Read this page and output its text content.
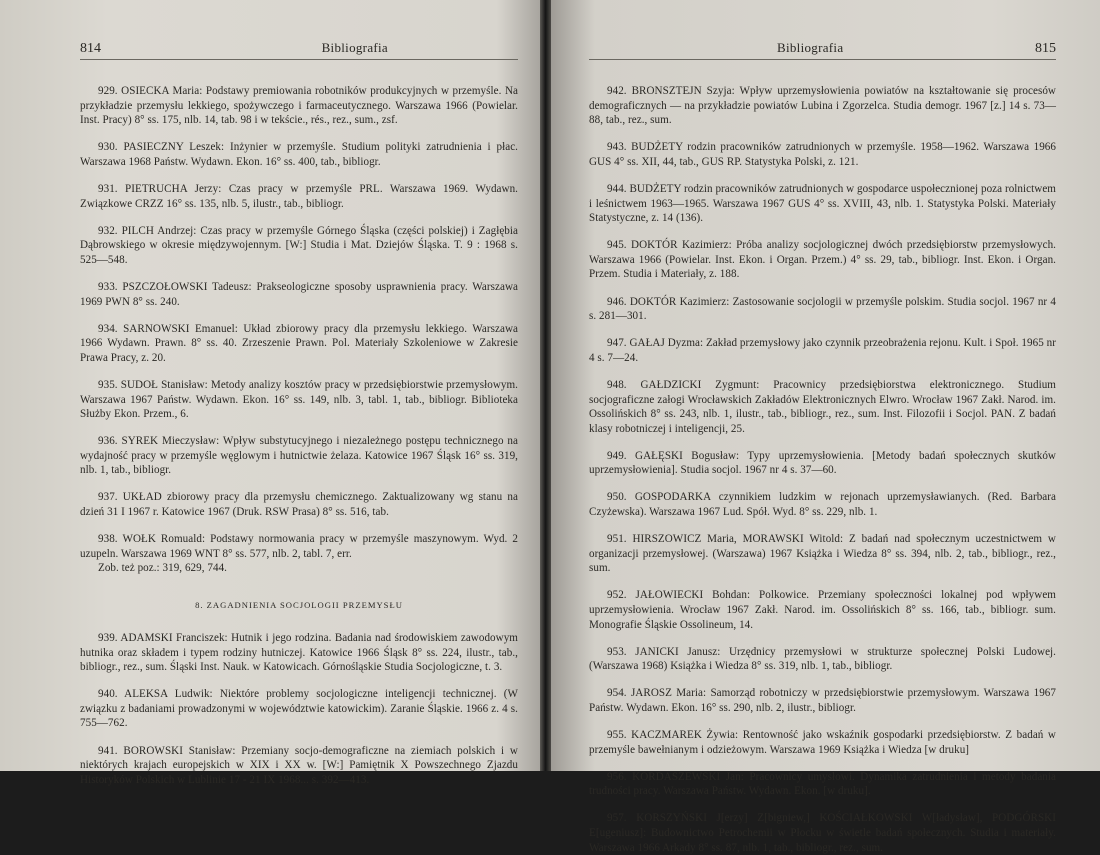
814	Bibliografia

929. OSIECKA Maria: Podstawy premiowania robotników produkcyjnych w przemyśle. Na przykładzie przemysłu lekkiego, spożywczego i farmaceutycznego. Warszawa 1966 (Powielar. Inst. Pracy) 8° ss. 175, nlb. 14, tab. 98 i w tekście., rés., rez., sum., zsf.

930. PASIECZNY Leszek: Inżynier w przemyśle. Studium polityki zatrudnienia i płac. Warszawa 1968 Państw. Wydawn. Ekon. 16° ss. 400, tab., bibliogr.

931. PIETRUCHA Jerzy: Czas pracy w przemyśle PRL. Warszawa 1969. Wydawn. Związkowe CRZZ 16° ss. 135, nlb. 5, ilustr., tab., bibliogr.

932. PILCH Andrzej: Czas pracy w przemyśle Górnego Śląska (części polskiej) i Zagłębia Dąbrowskiego w okresie międzywojennym. [W:] Studia i Mat. Dziejów Śląska. T. 9 : 1968 s. 525—548.

933. PSZCZOŁOWSKI Tadeusz: Prakseologiczne sposoby usprawnienia pracy. Warszawa 1969 PWN 8° ss. 240.

934. SARNOWSKI Emanuel: Układ zbiorowy pracy dla przemysłu lekkiego. Warszawa 1966 Wydawn. Prawn. 8° ss. 40. Zrzeszenie Prawn. Pol. Materiały Szkoleniowe w Zakresie Prawa Pracy, z. 20.

935. SUDOŁ Stanisław: Metody analizy kosztów pracy w przedsiębiorstwie przemysłowym. Warszawa 1967 Państw. Wydawn. Ekon. 16° ss. 149, nlb. 3, tabl. 1, tab., bibliogr. Biblioteka Służby Ekon. Przem., 6.

936. SYREK Mieczysław: Wpływ substytucyjnego i niezależnego postępu technicznego na wydajność pracy w przemyśle węglowym i hutnictwie żelaza. Katowice 1967 Śląsk 16° ss. 319, nlb. 1, tab., bibliogr.

937. UKŁAD zbiorowy pracy dla przemysłu chemicznego. Zaktualizowany wg stanu na dzień 31 I 1967 r. Katowice 1967 (Druk. RSW Prasa) 8° ss. 516, tab.

938. WOŁK Romuald: Podstawy normowania pracy w przemyśle maszynowym. Wyd. 2 uzupeln. Warszawa 1969 WNT 8° ss. 577, nlb. 2, tabl. 7, err.

Zob. też poz.: 319, 629, 744.

8. ZAGADNIENIA SOCJOLOGII PRZEMYSŁU

939. ADAMSKI Franciszek: Hutnik i jego rodzina. Badania nad środowiskiem zawodowym hutnika oraz składem i typem rodziny hutniczej. Katowice 1966 Śląsk 8° ss. 224, ilustr., tab., bibliogr., rez., sum. Śląski Inst. Nauk. w Katowicach. Górnośląskie Studia Socjologiczne, t. 3.

940. ALEKSA Ludwik: Niektóre problemy socjologiczne inteligencji technicznej. (W związku z badaniami prowadzonymi w województwie katowickim). Zaranie Śląskie. 1966 z. 4 s. 755—762.

941. BOROWSKI Stanisław: Przemiany socjo-demograficzne na ziemiach polskich i w niektórych krajach europejskich w XIX i XX w. [W:] Pamiętnik X Powszechnego Zjazdu Historyków Polskich w Lublinie 17 - 21 IX 1968... s. 392—413.

Bibliografia	815

942. BRONSZTEJN Szyja: Wpływ uprzemysłowienia powiatów na kształtowanie się procesów demograficznych — na przykładzie powiatów Lubina i Zgorzelca. Studia demogr. 1967 [z.] 14 s. 73—88, tab., rez., sum.

943. BUDŻETY rodzin pracowników zatrudnionych w przemyśle. 1958—1962. Warszawa 1966 GUS 4° ss. XII, 44, tab., GUS RP. Statystyka Polski, z. 121.

944. BUDŻETY rodzin pracowników zatrudnionych w gospodarce uspołecznionej poza rolnictwem i leśnictwem 1963—1965. Warszawa 1967 GUS 4° ss. XVIII, 43, nlb. 1. Statystyka Polski. Materiały Statystyczne, z. 14 (136).

945. DOKTÓR Kazimierz: Próba analizy socjologicznej dwóch przedsiębiorstw przemysłowych. Warszawa 1966 (Powielar. Inst. Ekon. i Organ. Przem.) 4° ss. 29, tab., bibliogr. Inst. Ekon. i Organ. Przem. Studia i Materiały, z. 188.

946. DOKTÓR Kazimierz: Zastosowanie socjologii w przemyśle polskim. Studia socjol. 1967 nr 4 s. 281—301.

947. GAŁAJ Dyzma: Zakład przemysłowy jako czynnik przeobrażenia rejonu. Kult. i Społ. 1965 nr 4 s. 7—24.

948. GAŁDZICKI Zygmunt: Pracownicy przedsiębiorstwa elektronicznego. Studium socjograficzne załogi Wrocławskich Zakładów Elektronicznych Elwro. Wrocław 1967 Zakł. Narod. im. Ossolińskich 8° ss. 243, nlb. 1, ilustr., tab., bibliogr., rez., sum. Inst. Filozofii i Socjol. PAN. Z badań klasy robotniczej i inteligencji, 25.

949. GAŁĘSKI Bogusław: Typy uprzemysłowienia. [Metody badań społecznych skutków uprzemysłowienia]. Studia socjol. 1967 nr 4 s. 37—60.

950. GOSPODARKA czynnikiem ludzkim w rejonach uprzemysławianych. (Red. Barbara Czyżewska). Warszawa 1967 Lud. Spół. Wyd. 8° ss. 229, nlb. 1.

951. HIRSZOWICZ Maria, MORAWSKI Witold: Z badań nad społecznym uczestnictwem w organizacji przemysłowej. (Warszawa) 1967 Książka i Wiedza 8° ss. 394, nlb. 2, tab., bibliogr., rez., sum.

952. JAŁOWIECKI Bohdan: Polkowice. Przemiany społeczności lokalnej pod wpływem uprzemysłowienia. Wrocław 1967 Zakł. Narod. im. Ossolińskich 8° ss. 166, tab., bibliogr. sum. Monografie Śląskie Ossolineum, 14.

953. JANICKI Janusz: Urzędnicy przemysłowi w strukturze społecznej Polski Ludowej. (Warszawa 1968) Książka i Wiedza 8° ss. 319, nlb. 1, tab., bibliogr.

954. JAROSZ Maria: Samorząd robotniczy w przedsiębiorstwie przemysłowym. Warszawa 1967 Państw. Wydawn. Ekon. 16° ss. 290, nlb. 2, ilustr., bibliogr.

955. KACZMAREK Żywia: Rentowność jako wskaźnik gospodarki przedsiębiorstw. Z badań w przemyśle bawełnianym i odzieżowym. Warszawa 1969 Książka i Wiedza [w druku]

956. KORDASZEWSKI Jan: Pracownicy umysłowi. Dynamika zatrudnienia i metody badania trudności pracy. Warszawa Państw. Wydawn. Ekon. [w druku].

957. KORSZYŃSKI J[erzy] Z[bigniew,] KOŚCIAŁKOWSKI W[ładysław], PODGÓRSKI E[ugeniusz]: Budownictwo Petrochemii w Płocku w świetle badań społecznych. Studia i materiały. Warszawa 1966 Arkady 8° ss. 87, nlb. 1, tab., bibliogr., rez., sum.
